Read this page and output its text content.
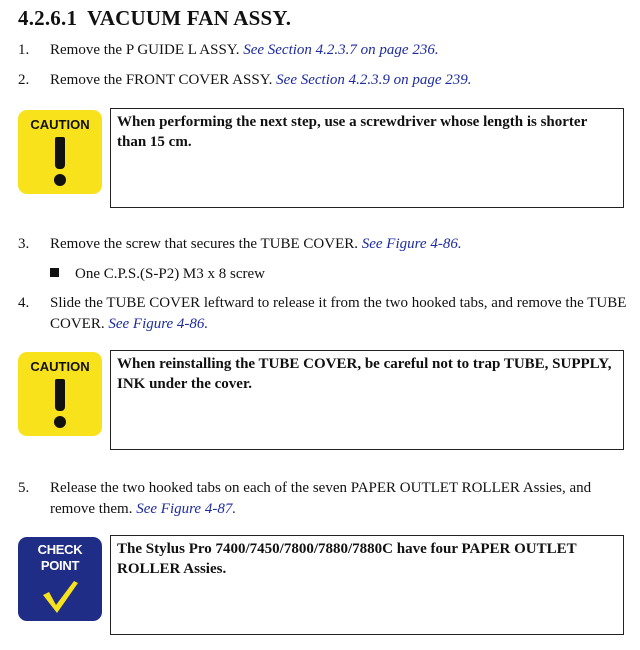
4.2.6.1 VACUUM FAN ASSY.
1.	Remove the P GUIDE L ASSY. See Section 4.2.3.7 on page 236.
2.	Remove the FRONT COVER ASSY. See Section 4.2.3.9 on page 239.
CAUTION	When performing the next step, use a screwdriver whose length is shorter than 15 cm.
3.	Remove the screw that secures the TUBE COVER. See Figure 4-86.
One C.P.S.(S-P2) M3 x 8 screw
4.	Slide the TUBE COVER leftward to release it from the two hooked tabs, and remove the TUBE COVER. See Figure 4-86.
CAUTION	When reinstalling the TUBE COVER, be careful not to trap TUBE, SUPPLY, INK under the cover.
5.	Release the two hooked tabs on each of the seven PAPER OUTLET ROLLER Assies, and remove them. See Figure 4-87.
CHECK
POINT
The Stylus Pro 7400/7450/7800/7880/7880C have four PAPER OUTLET ROLLER Assies.
